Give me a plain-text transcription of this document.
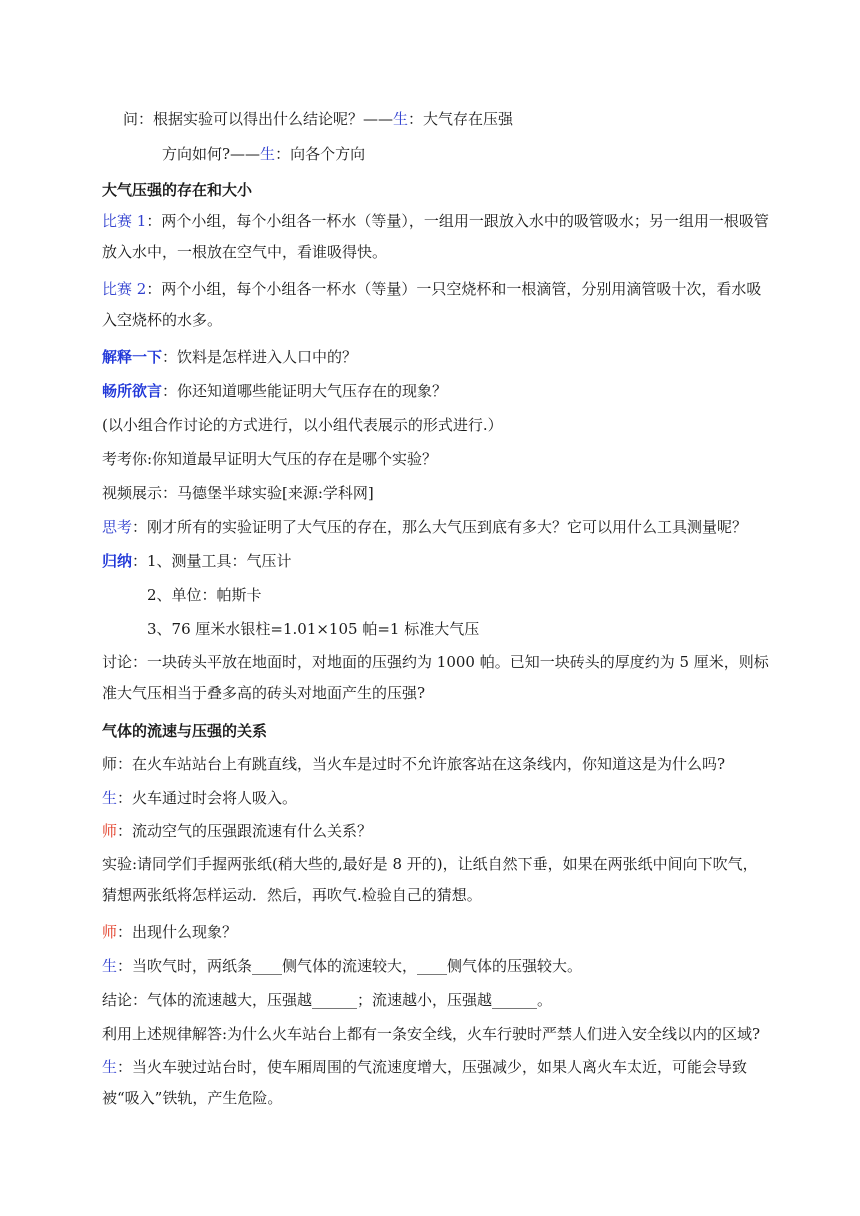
问：根据实验可以得出什么结论呢？——生：大气存在压强
方向如何?——生：向各个方向
大气压强的存在和大小
比赛 1：两个小组，每个小组各一杯水（等量），一组用一跟放入水中的吸管吸水；另一组用一根吸管放入水中，一根放在空气中，看谁吸得快。
比赛 2：两个小组，每个小组各一杯水（等量）一只空烧杯和一根滴管，分别用滴管吸十次，看水吸入空烧杯的水多。
解释一下：饮料是怎样进入人口中的？
畅所欲言：你还知道哪些能证明大气压存在的现象？
(以小组合作讨论的方式进行，以小组代表展示的形式进行.）
考考你:你知道最早证明大气压的存在是哪个实验？
视频展示：马德堡半球实验[来源:学科网]
思考：刚才所有的实验证明了大气压的存在，那么大气压到底有多大？它可以用什么工具测量呢？
归纳：1、测量工具：气压计
2、单位：帕斯卡
3、76 厘米水银柱=1.01×105 帕=1 标准大气压
讨论：一块砖头平放在地面时，对地面的压强约为 1000 帕。已知一块砖头的厚度约为 5 厘米，则标准大气压相当于叠多高的砖头对地面产生的压强?
气体的流速与压强的关系
师：在火车站站台上有跳直线，当火车是过时不允许旅客站在这条线内，你知道这是为什么吗?
生：火车通过时会将人吸入。
师：流动空气的压强跟流速有什么关系？
实验:请同学们手握两张纸(稍大些的,最好是 8 开的)，让纸自然下垂，如果在两张纸中间向下吹气，猜想两张纸将怎样运动．然后，再吹气.检验自己的猜想。
师：出现什么现象？
生：当吹气时，两纸条____侧气体的流速较大，____侧气体的压强较大。
结论：气体的流速越大，压强越______；流速越小，压强越______。
利用上述规律解答:为什么火车站台上都有一条安全线，火车行驶时严禁人们进入安全线以内的区域?
生：当火车驶过站台时，使车厢周围的气流速度增大，压强减少，如果人离火车太近，可能会导致被“吸入”铁轨，产生危险。
